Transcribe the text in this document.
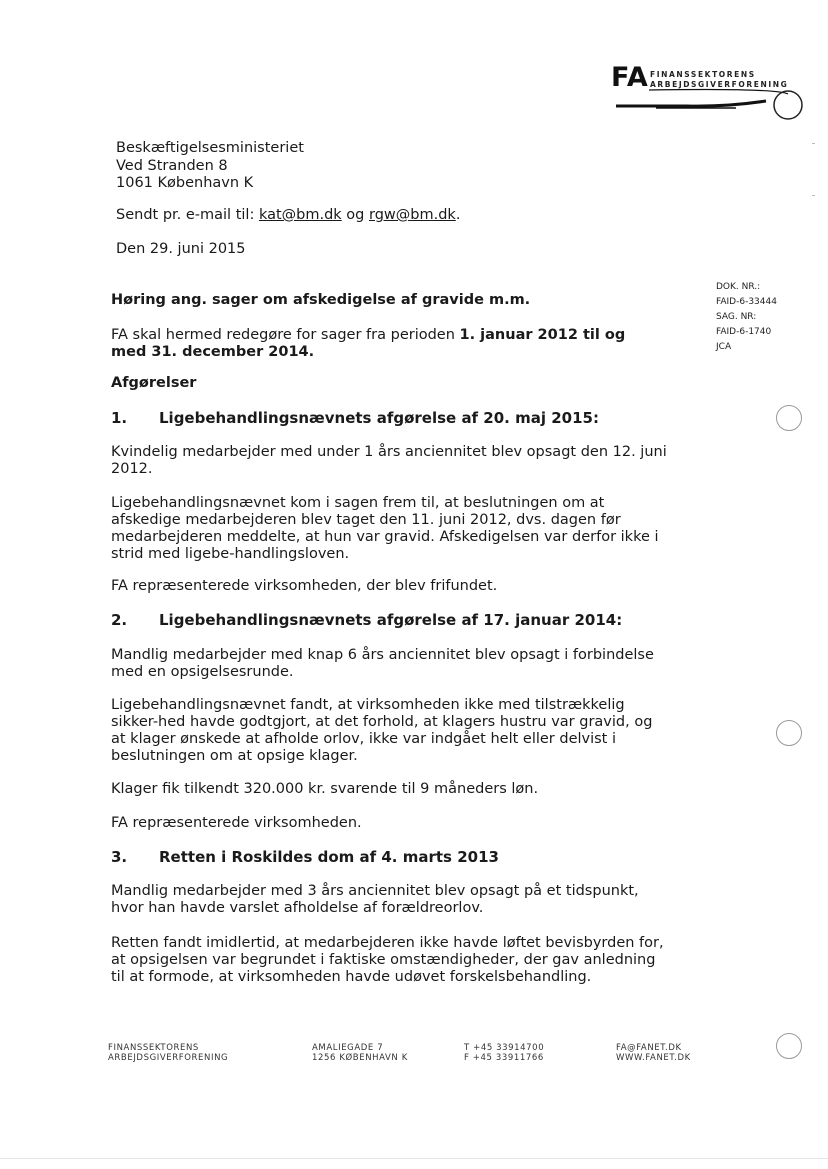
FA FINANSSEKTORENS
ARBEJDSGIVERFORENING
Beskæftigelsesministeriet
Ved Stranden 8
1061 København K
Sendt pr. e-mail til: kat@bm.dk og rgw@bm.dk.
Den 29. juni 2015
DOK. NR.:
FAID-6-33444
SAG. NR:
FAID-6-1740
JCA
Høring ang. sager om afskedigelse af gravide m.m.
FA skal hermed redegøre for sager fra perioden 1. januar 2012 til og med 31. december 2014.
Afgørelser
1. Ligebehandlingsnævnets afgørelse af 20. maj 2015:
Kvindelig medarbejder med under 1 års anciennitet blev opsagt den 12. juni 2012.
Ligebehandlingsnævnet kom i sagen frem til, at beslutningen om at afskedige medarbejderen blev taget den 11. juni 2012, dvs. dagen før medarbejderen meddelte, at hun var gravid. Afskedigelsen var derfor ikke i strid med ligebe-handlingsloven.
FA repræsenterede virksomheden, der blev frifundet.
2. Ligebehandlingsnævnets afgørelse af 17. januar 2014:
Mandlig medarbejder med knap 6 års anciennitet blev opsagt i forbindelse med en opsigelsesrunde.
Ligebehandlingsnævnet fandt, at virksomheden ikke med tilstrækkelig sikker-hed havde godtgjort, at det forhold, at klagers hustru var gravid, og at klager ønskede at afholde orlov, ikke var indgået helt eller delvist i beslutningen om at opsige klager.
Klager fik tilkendt 320.000 kr. svarende til 9 måneders løn.
FA repræsenterede virksomheden.
3. Retten i Roskildes dom af 4. marts 2013
Mandlig medarbejder med 3 års anciennitet blev opsagt på et tidspunkt, hvor han havde varslet afholdelse af forældreorlov.
Retten fandt imidlertid, at medarbejderen ikke havde løftet bevisbyrden for, at opsigelsen var begrundet i faktiske omstændigheder, der gav anledning til at formode, at virksomheden havde udøvet forskelsbehandling.
FINANSSEKTORENS
ARBEJDSGIVERFORENING
AMALIEGADE 7
1256 KØBENHAVN K
T +45 33914700
F +45 33911766
FA@FANET.DK
WWW.FANET.DK
